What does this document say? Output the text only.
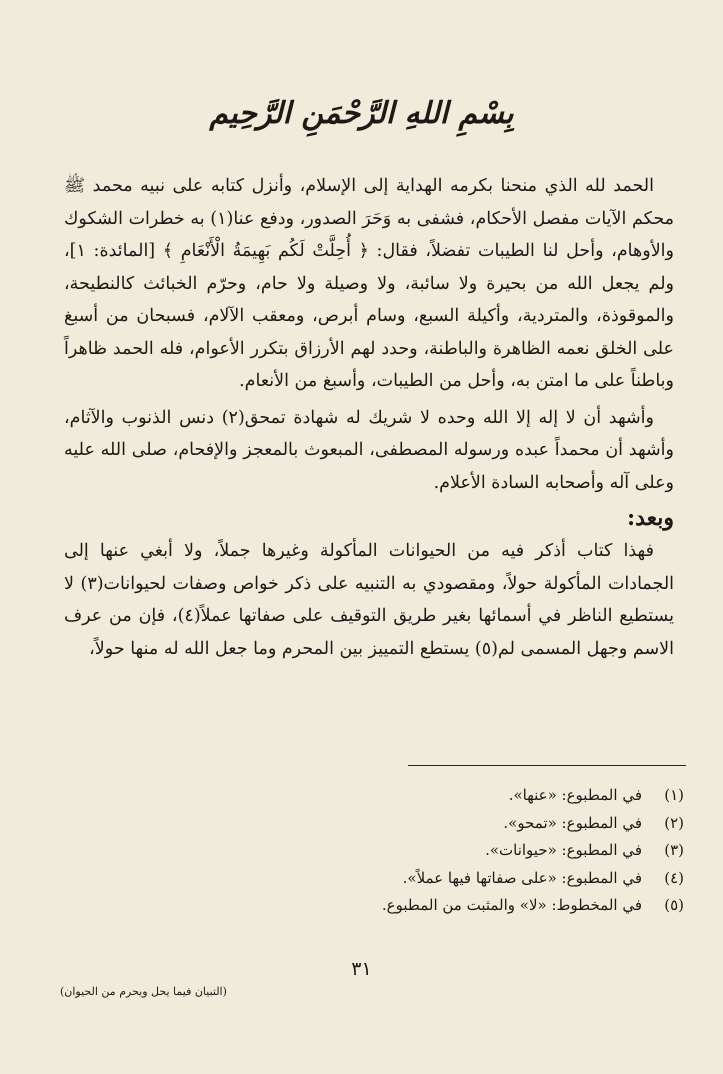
بِسْمِ اللهِ الرَّحْمَنِ الرَّحِيم

الحمد لله الذي منحنا بكرمه الهداية إلى الإسلام، وأنزل كتابه على نبيه محمد ﷺ محكم الآيات مفصل الأحكام، فشفى به وَحَرَ الصدور، ودفع عنا(١) به خطرات الشكوك والأوهام، وأحل لنا الطيبات تفضلاً، فقال: ﴿ أُحِلَّتْ لَكُم بَهِيمَةُ الْأَنْعَامِ ﴾ [المائدة: ١]، ولم يجعل الله من بحيرة ولا سائبة، ولا وصيلة ولا حام، وحرّم الخبائث كالنطيحة، والموقوذة، والمتردية، وأكيلة السبع، وسام أبرص، ومعقب الآلام، فسبحان من أسبغ على الخلق نعمه الظاهرة والباطنة، وحدد لهم الأرزاق بتكرر الأعوام، فله الحمد ظاهراً وباطناً على ما امتن به، وأحل من الطيبات، وأسبغ من الأنعام.

وأشهد أن لا إله إلا الله وحده لا شريك له شهادة تمحق(٢) دنس الذنوب والآثام، وأشهد أن محمداً عبده ورسوله المصطفى، المبعوث بالمعجز والإفحام، صلى الله عليه وعلى آله وأصحابه السادة الأعلام.

وبعد:

فهذا كتاب أذكر فيه من الحيوانات المأكولة وغيرها جملاً، ولا أبغي عنها إلى الجمادات المأكولة حولاً، ومقصودي به التنبيه على ذكر خواص وصفات لحيوانات(٣) لا يستطيع الناظر في أسمائها بغير طريق التوقيف على صفاتها عملاً(٤)، فإن من عرف الاسم وجهل المسمى لم(٥) يستطع التمييز بين المحرم وما جعل الله له منها حولاً،

(١)
في المطبوع: «عنها».
(٢)
في المطبوع: «تمحو».
(٣)
في المطبوع: «حيوانات».
(٤)
في المطبوع: «على صفاتها فيها عملاً».
(٥)
في المخطوط: «لا» والمثبت من المطبوع.
٣١
(التبيان فيما يحل ويحرم من الحيوان)
